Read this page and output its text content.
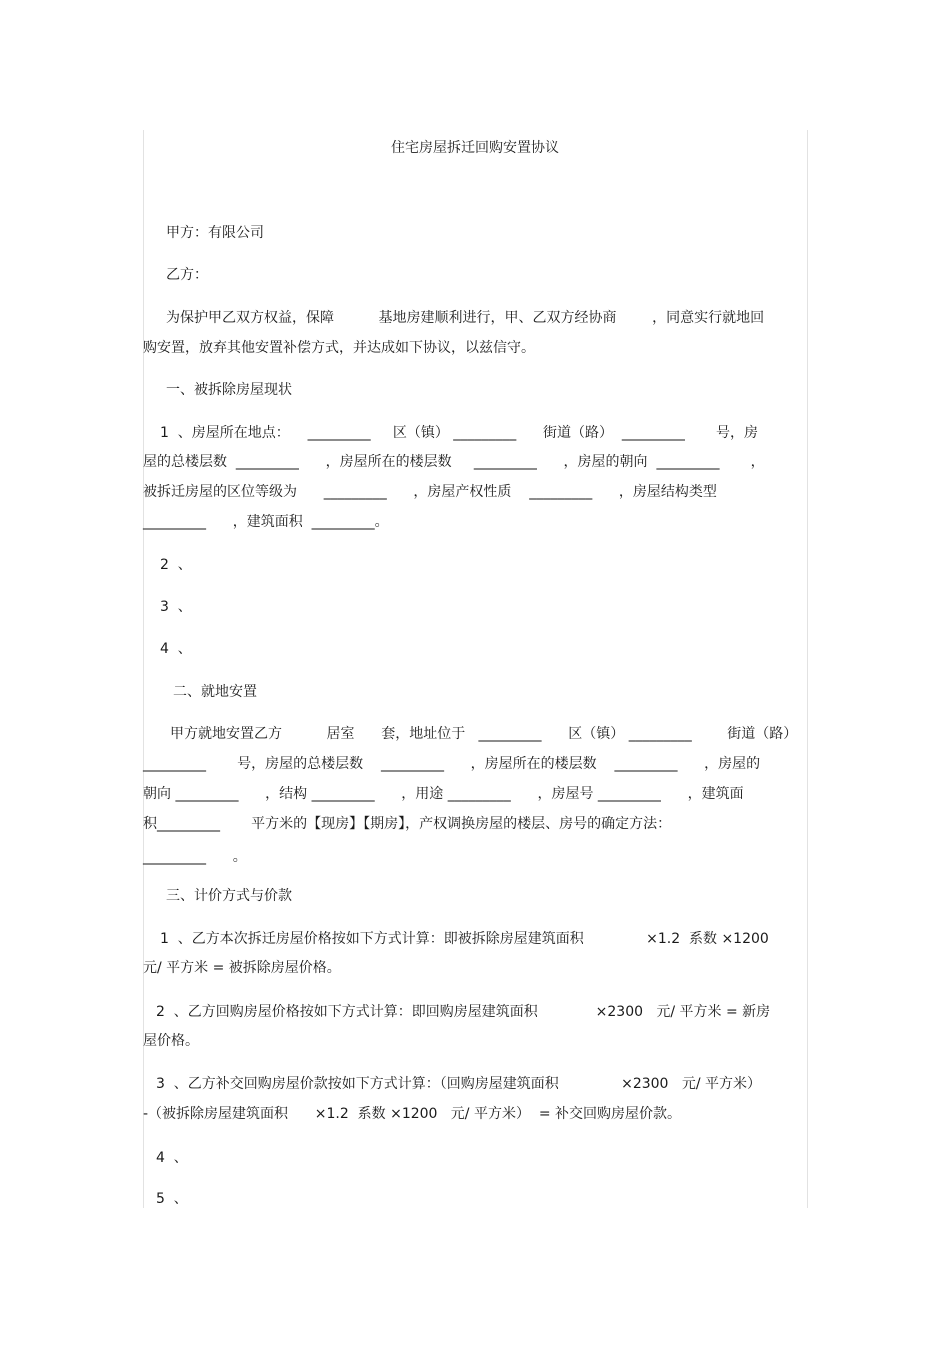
住宅房屋拆迁回购安置协议

甲方：有限公司

乙方：

为保护甲乙双方权益，保障          基地房建顺利进行，甲、乙双方经协商        ，同意实行就地回

购安置，放弃其他安置补偿方式，并达成如下协议，以兹信守。

一、被拆除房屋现状

1  、房屋所在地点：    _________     区（镇） _________      街道（路）  _________       号，房

屋的总楼层数  _________      ，房屋所在的楼层数     _________      ，房屋的朝向  _________       ，

被拆迁房屋的区位等级为      _________      ，房屋产权性质    _________      ，房屋结构类型

_________      ，建筑面积  _________。

2  、

3  、

4  、

二、就地安置

甲方就地安置乙方          居室      套，地址位于   _________      区（镇） _________        街道（路）

_________       号，房屋的总楼层数    _________      ，房屋所在的楼层数    _________      ，房屋的

朝向 _________      ，结构 _________      ，用途 _________      ，房屋号 _________      ，建筑面

积_________       平方米的【现房】【期房】，产权调换房屋的楼层、房号的确定方法：

_________      。

三、计价方式与价款

1  、乙方本次拆迁房屋价格按如下方式计算：即被拆除房屋建筑面积              ×1.2  系数 ×1200

元/ 平方米 = 被拆除房屋价格。

2  、乙方回购房屋价格按如下方式计算：即回购房屋建筑面积             ×2300   元/ 平方米 = 新房

屋价格。

3  、乙方补交回购房屋价款按如下方式计算：（回购房屋建筑面积              ×2300   元/ 平方米）

-（被拆除房屋建筑面积      ×1.2  系数 ×1200   元/ 平方米）  = 补交回购房屋价款。

4  、

5  、
